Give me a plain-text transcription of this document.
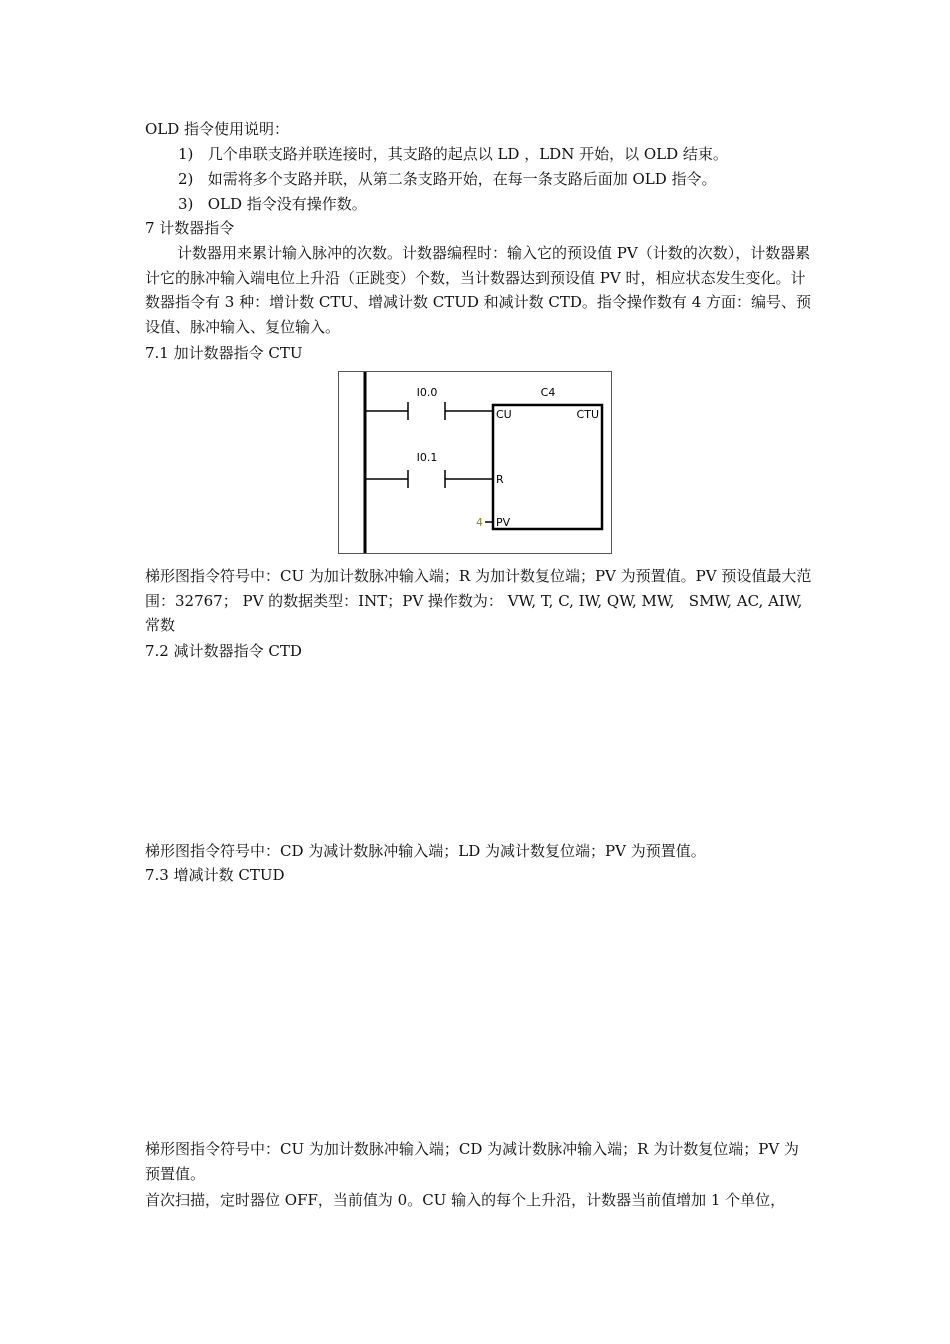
OLD 指令使用说明：
1)   几个串联支路并联连接时，其支路的起点以 LD ，LDN 开始，以 OLD 结束。
2)   如需将多个支路并联，从第二条支路开始，在每一条支路后面加 OLD 指令。
3)   OLD 指令没有操作数。
7 计数器指令
计数器用来累计输入脉冲的次数。计数器编程时：输入它的预设值 PV（计数的次数），计数器累计它的脉冲输入端电位上升沿（正跳变）个数，当计数器达到预设值 PV 时，相应状态发生变化。计数器指令有 3 种：增计数 CTU、增减计数 CTUD 和减计数 CTD。指令操作数有 4 方面：编号、预设值、脉冲输入、复位输入。
7.1 加计数器指令 CTU
I0.0
I0.1
C4
CTU
CU
R
PV
4
梯形图指令符号中：CU 为加计数脉冲输入端；R 为加计数复位端；PV 为预置值。PV 预设值最大范围：32767； PV 的数据类型：INT；PV 操作数为： VW, T, C, IW, QW, MW,   SMW, AC, AIW, 常数
7.2 减计数器指令 CTD
梯形图指令符号中：CD 为减计数脉冲输入端；LD 为减计数复位端；PV 为预置值。
7.3 增减计数 CTUD
梯形图指令符号中：CU 为加计数脉冲输入端；CD 为减计数脉冲输入端；R 为计数复位端；PV 为预置值。
首次扫描，定时器位 OFF，当前值为 0。CU 输入的每个上升沿，计数器当前值增加 1 个单位，
